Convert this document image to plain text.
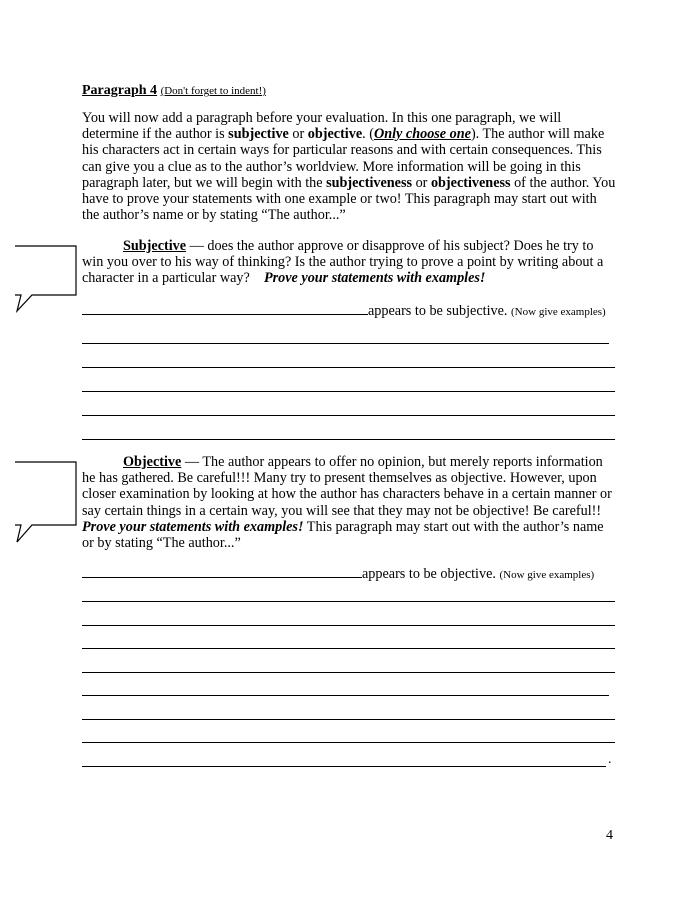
Paragraph 4 (Don't forget to indent!)

You will now add a paragraph before your evaluation. In this one paragraph, we will determine if the author is subjective or objective. (Only choose one). The author will make his characters act in certain ways for particular reasons and with certain consequences. This can give you a clue as to the author’s worldview. More information will be going in this paragraph later, but we will begin with the subjectiveness or objectiveness of the author. You have to prove your statements with one example or two! This paragraph may start out with the author’s name or by stating “The author...”

Subjective — does the author approve or disapprove of his subject? Does he try to win you over to his way of thinking? Is the author trying to prove a point by writing about a character in a particular way?    Prove your statements with examples!

appears to be subjective. (Now give examples)

Objective — The author appears to offer no opinion, but merely reports information he has gathered. Be careful!!! Many try to present themselves as objective. However, upon closer examination by looking at how the author has characters behave in a certain manner or say certain things in a certain way, you will see that they may not be objective! Be careful!! Prove your statements with examples! This paragraph may start out with the author’s name or by stating “The author...”

appears to be objective. (Now give examples)
.
4
